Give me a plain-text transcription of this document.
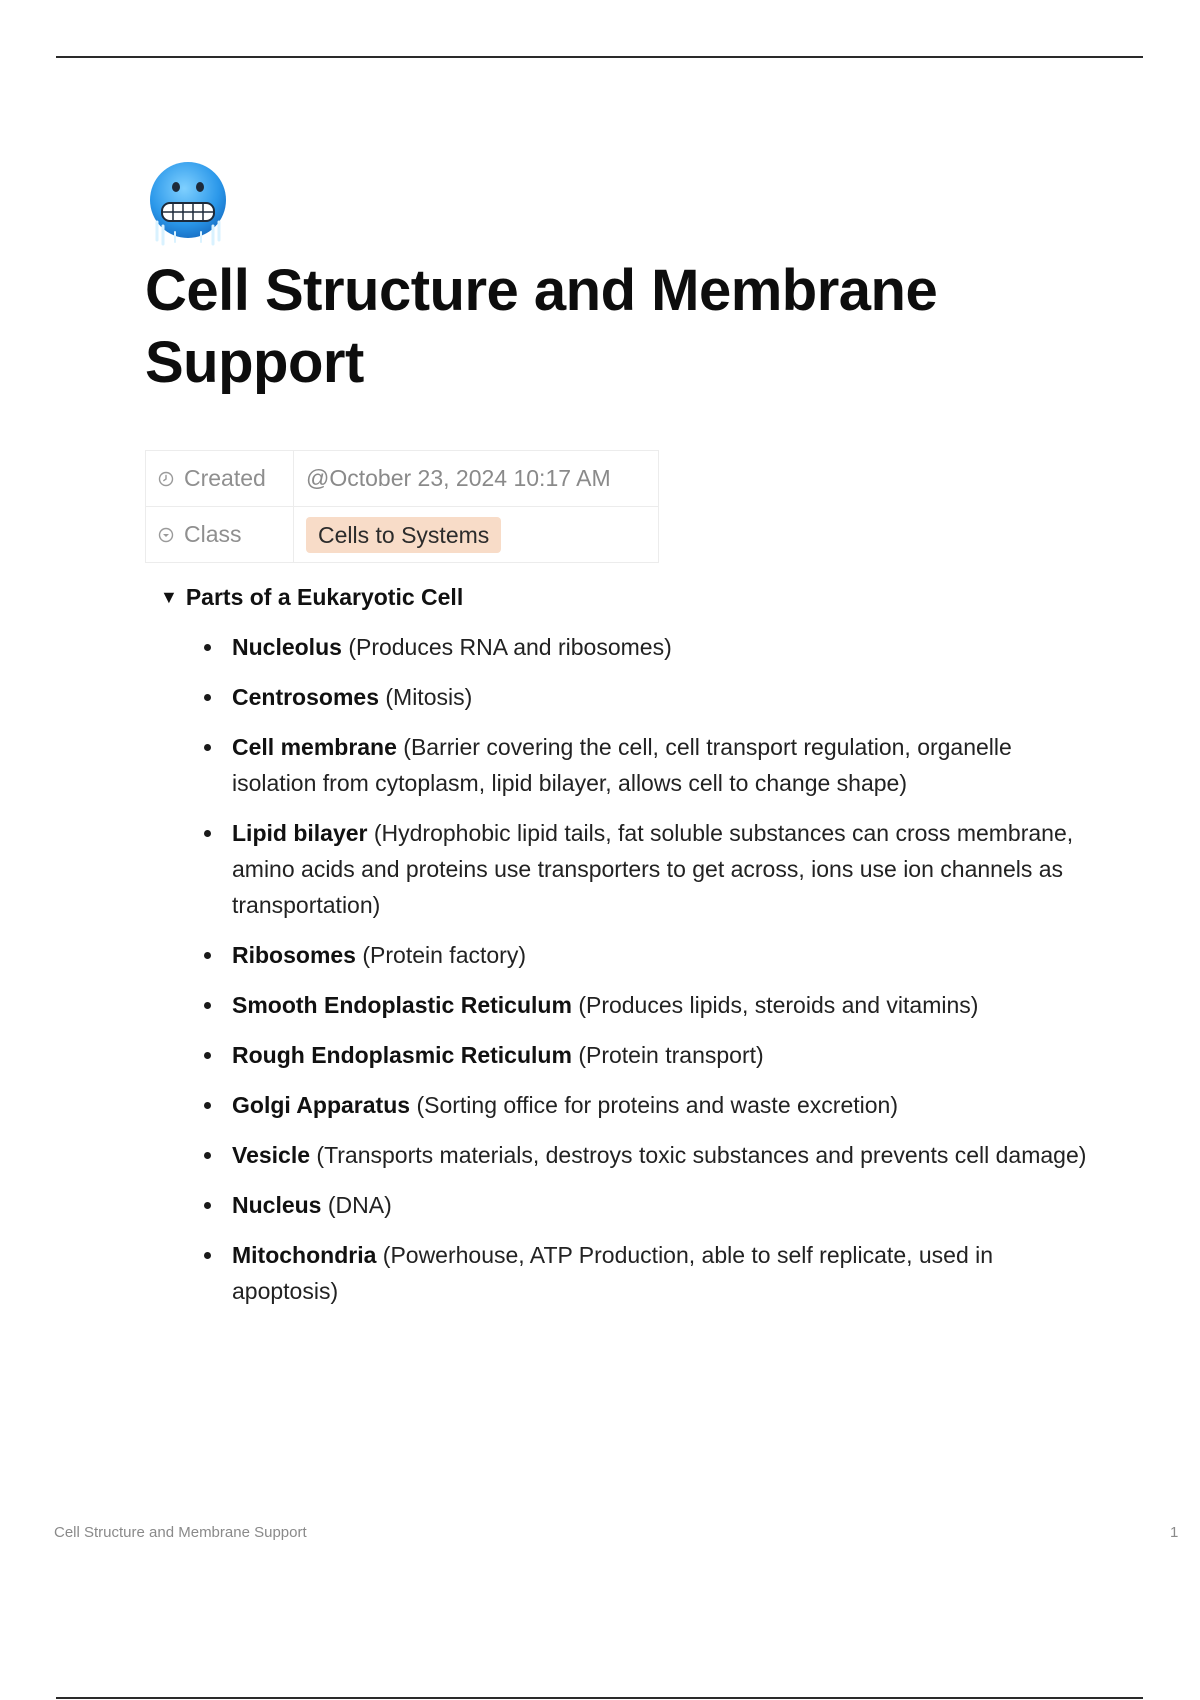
Cell Structure and Membrane Support
Created	@October 23, 2024 10:17 AM
Class	Cells to Systems
▼ Parts of a Eukaryotic Cell
Nucleolus (Produces RNA and ribosomes)
Centrosomes (Mitosis)
Cell membrane (Barrier covering the cell, cell transport regulation, organelle isolation from cytoplasm, lipid bilayer, allows cell to change shape)
Lipid bilayer (Hydrophobic lipid tails, fat soluble substances can cross membrane, amino acids and proteins use transporters to get across, ions use ion channels as transportation)
Ribosomes (Protein factory)
Smooth Endoplastic Reticulum (Produces lipids, steroids and vitamins)
Rough Endoplasmic Reticulum (Protein transport)
Golgi Apparatus (Sorting office for proteins and waste excretion)
Vesicle (Transports materials, destroys toxic substances and prevents cell damage)
Nucleus (DNA)
Mitochondria (Powerhouse, ATP Production, able to self replicate, used in apoptosis)
Cell Structure and Membrane Support	1
